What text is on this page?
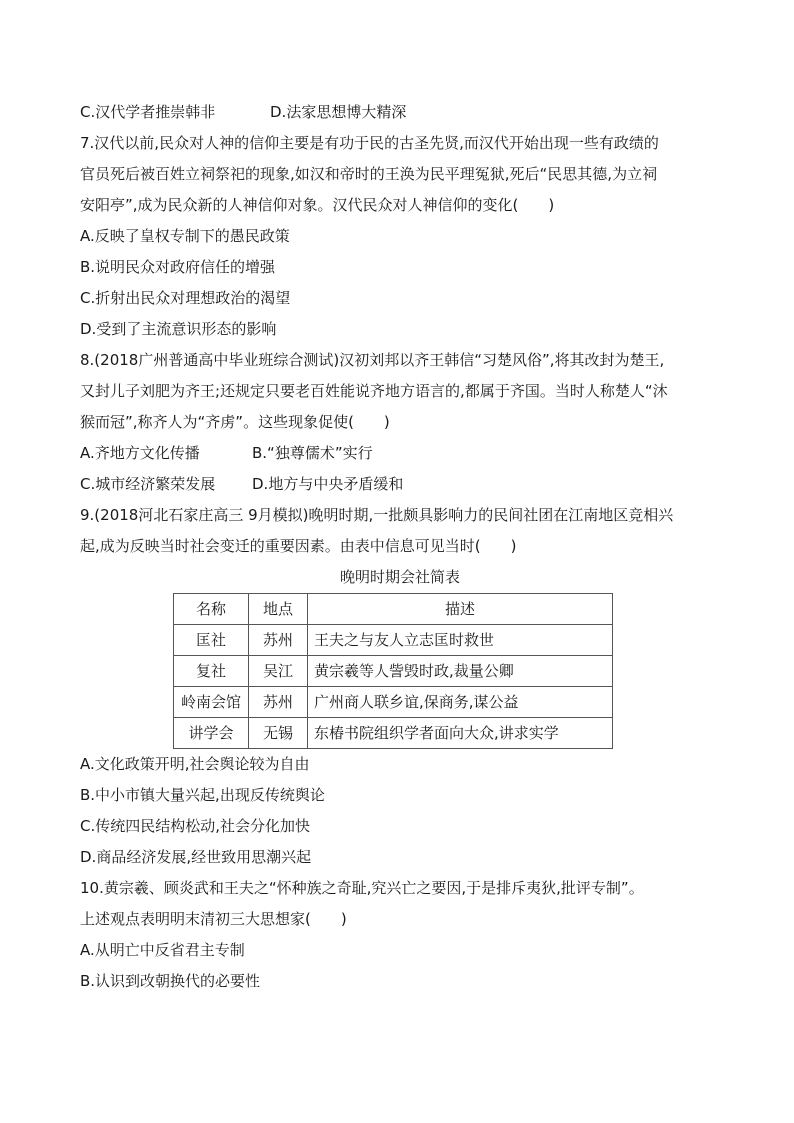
C.汉代学者推崇韩非	D.法家思想博大精深
7.汉代以前,民众对人神的信仰主要是有功于民的古圣先贤,而汉代开始出现一些有政绩的
官员死后被百姓立祠祭祀的现象,如汉和帝时的王涣为民平理冤狱,死后“民思其德,为立祠
安阳亭”,成为民众新的人神信仰对象。汉代民众对人神信仰的变化(　　)
A.反映了皇权专制下的愚民政策
B.说明民众对政府信任的增强
C.折射出民众对理想政治的渴望
D.受到了主流意识形态的影响
8.(2018广州普通高中毕业班综合测试)汉初刘邦以齐王韩信“习楚风俗”,将其改封为楚王,
又封儿子刘肥为齐王;还规定只要老百姓能说齐地方语言的,都属于齐国。当时人称楚人“沐
猴而冠”,称齐人为“齐虏”。这些现象促使(　　)
A.齐地方文化传播	B.“独尊儒术”实行
C.城市经济繁荣发展 D.地方与中央矛盾缓和
9.(2018河北石家庄高三 9月模拟)晚明时期,一批颇具影响力的民间社团在江南地区竞相兴
起,成为反映当时社会变迁的重要因素。由表中信息可见当时(　　)
晚明时期会社简表
名称	地点	描述
匡社	苏州	王夫之与友人立志匡时救世
复社	吴江	黄宗羲等人訾毁时政,裁量公卿
岭南会馆	苏州	广州商人联乡谊,保商务,谋公益
讲学会	无锡	东椿书院组织学者面向大众,讲求实学
A.文化政策开明,社会舆论较为自由
B.中小市镇大量兴起,出现反传统舆论
C.传统四民结构松动,社会分化加快
D.商品经济发展,经世致用思潮兴起
10.黄宗羲、顾炎武和王夫之“怀种族之奇耻,究兴亡之要因,于是排斥夷狄,批评专制”。
上述观点表明明末清初三大思想家(　　)
A.从明亡中反省君主专制
B.认识到改朝换代的必要性
